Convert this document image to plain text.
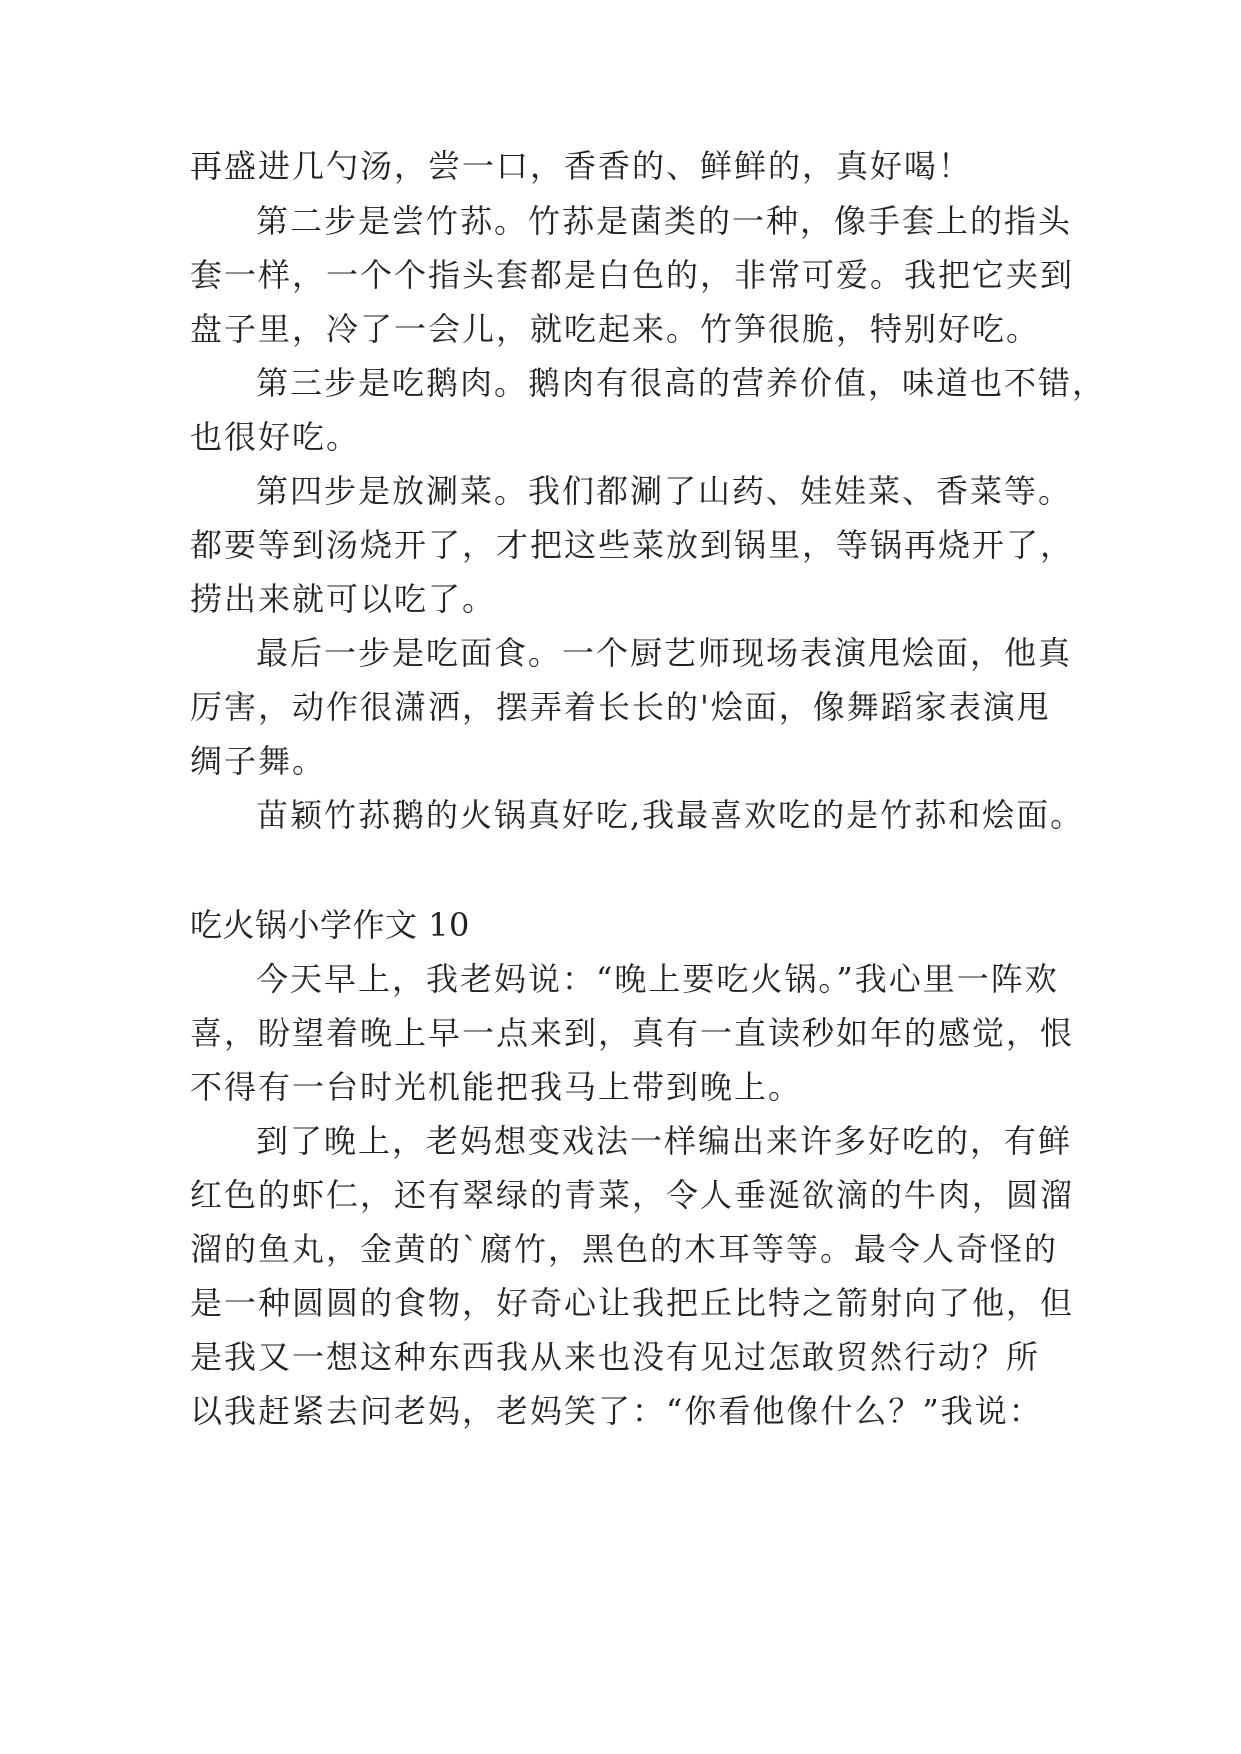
再盛进几勺汤，尝一口，香香的、鲜鲜的，真好喝！
第二步是尝竹荪。竹荪是菌类的一种，像手套上的指头
套一样，一个个指头套都是白色的，非常可爱。我把它夹到
盘子里，冷了一会儿，就吃起来。竹笋很脆，特别好吃。
第三步是吃鹅肉。鹅肉有很高的营养价值，味道也不错，
也很好吃。
第四步是放涮菜。我们都涮了山药、娃娃菜、香菜等。
都要等到汤烧开了，才把这些菜放到锅里，等锅再烧开了，
捞出来就可以吃了。
最后一步是吃面食。一个厨艺师现场表演甩烩面，他真
厉害，动作很潇洒，摆弄着长长的'烩面，像舞蹈家表演甩
绸子舞。
苗颖竹荪鹅的火锅真好吃,我最喜欢吃的是竹荪和烩面。
吃火锅小学作文 10
今天早上，我老妈说：“晚上要吃火锅。”我心里一阵欢
喜，盼望着晚上早一点来到，真有一直读秒如年的感觉，恨
不得有一台时光机能把我马上带到晚上。
到了晚上，老妈想变戏法一样编出来许多好吃的，有鲜
红色的虾仁，还有翠绿的青菜，令人垂涎欲滴的牛肉，圆溜
溜的鱼丸，金黄的`腐竹，黑色的木耳等等。最令人奇怪的
是一种圆圆的食物，好奇心让我把丘比特之箭射向了他，但
是我又一想这种东西我从来也没有见过怎敢贸然行动？所
以我赶紧去问老妈，老妈笑了：“你看他像什么？”我说：
